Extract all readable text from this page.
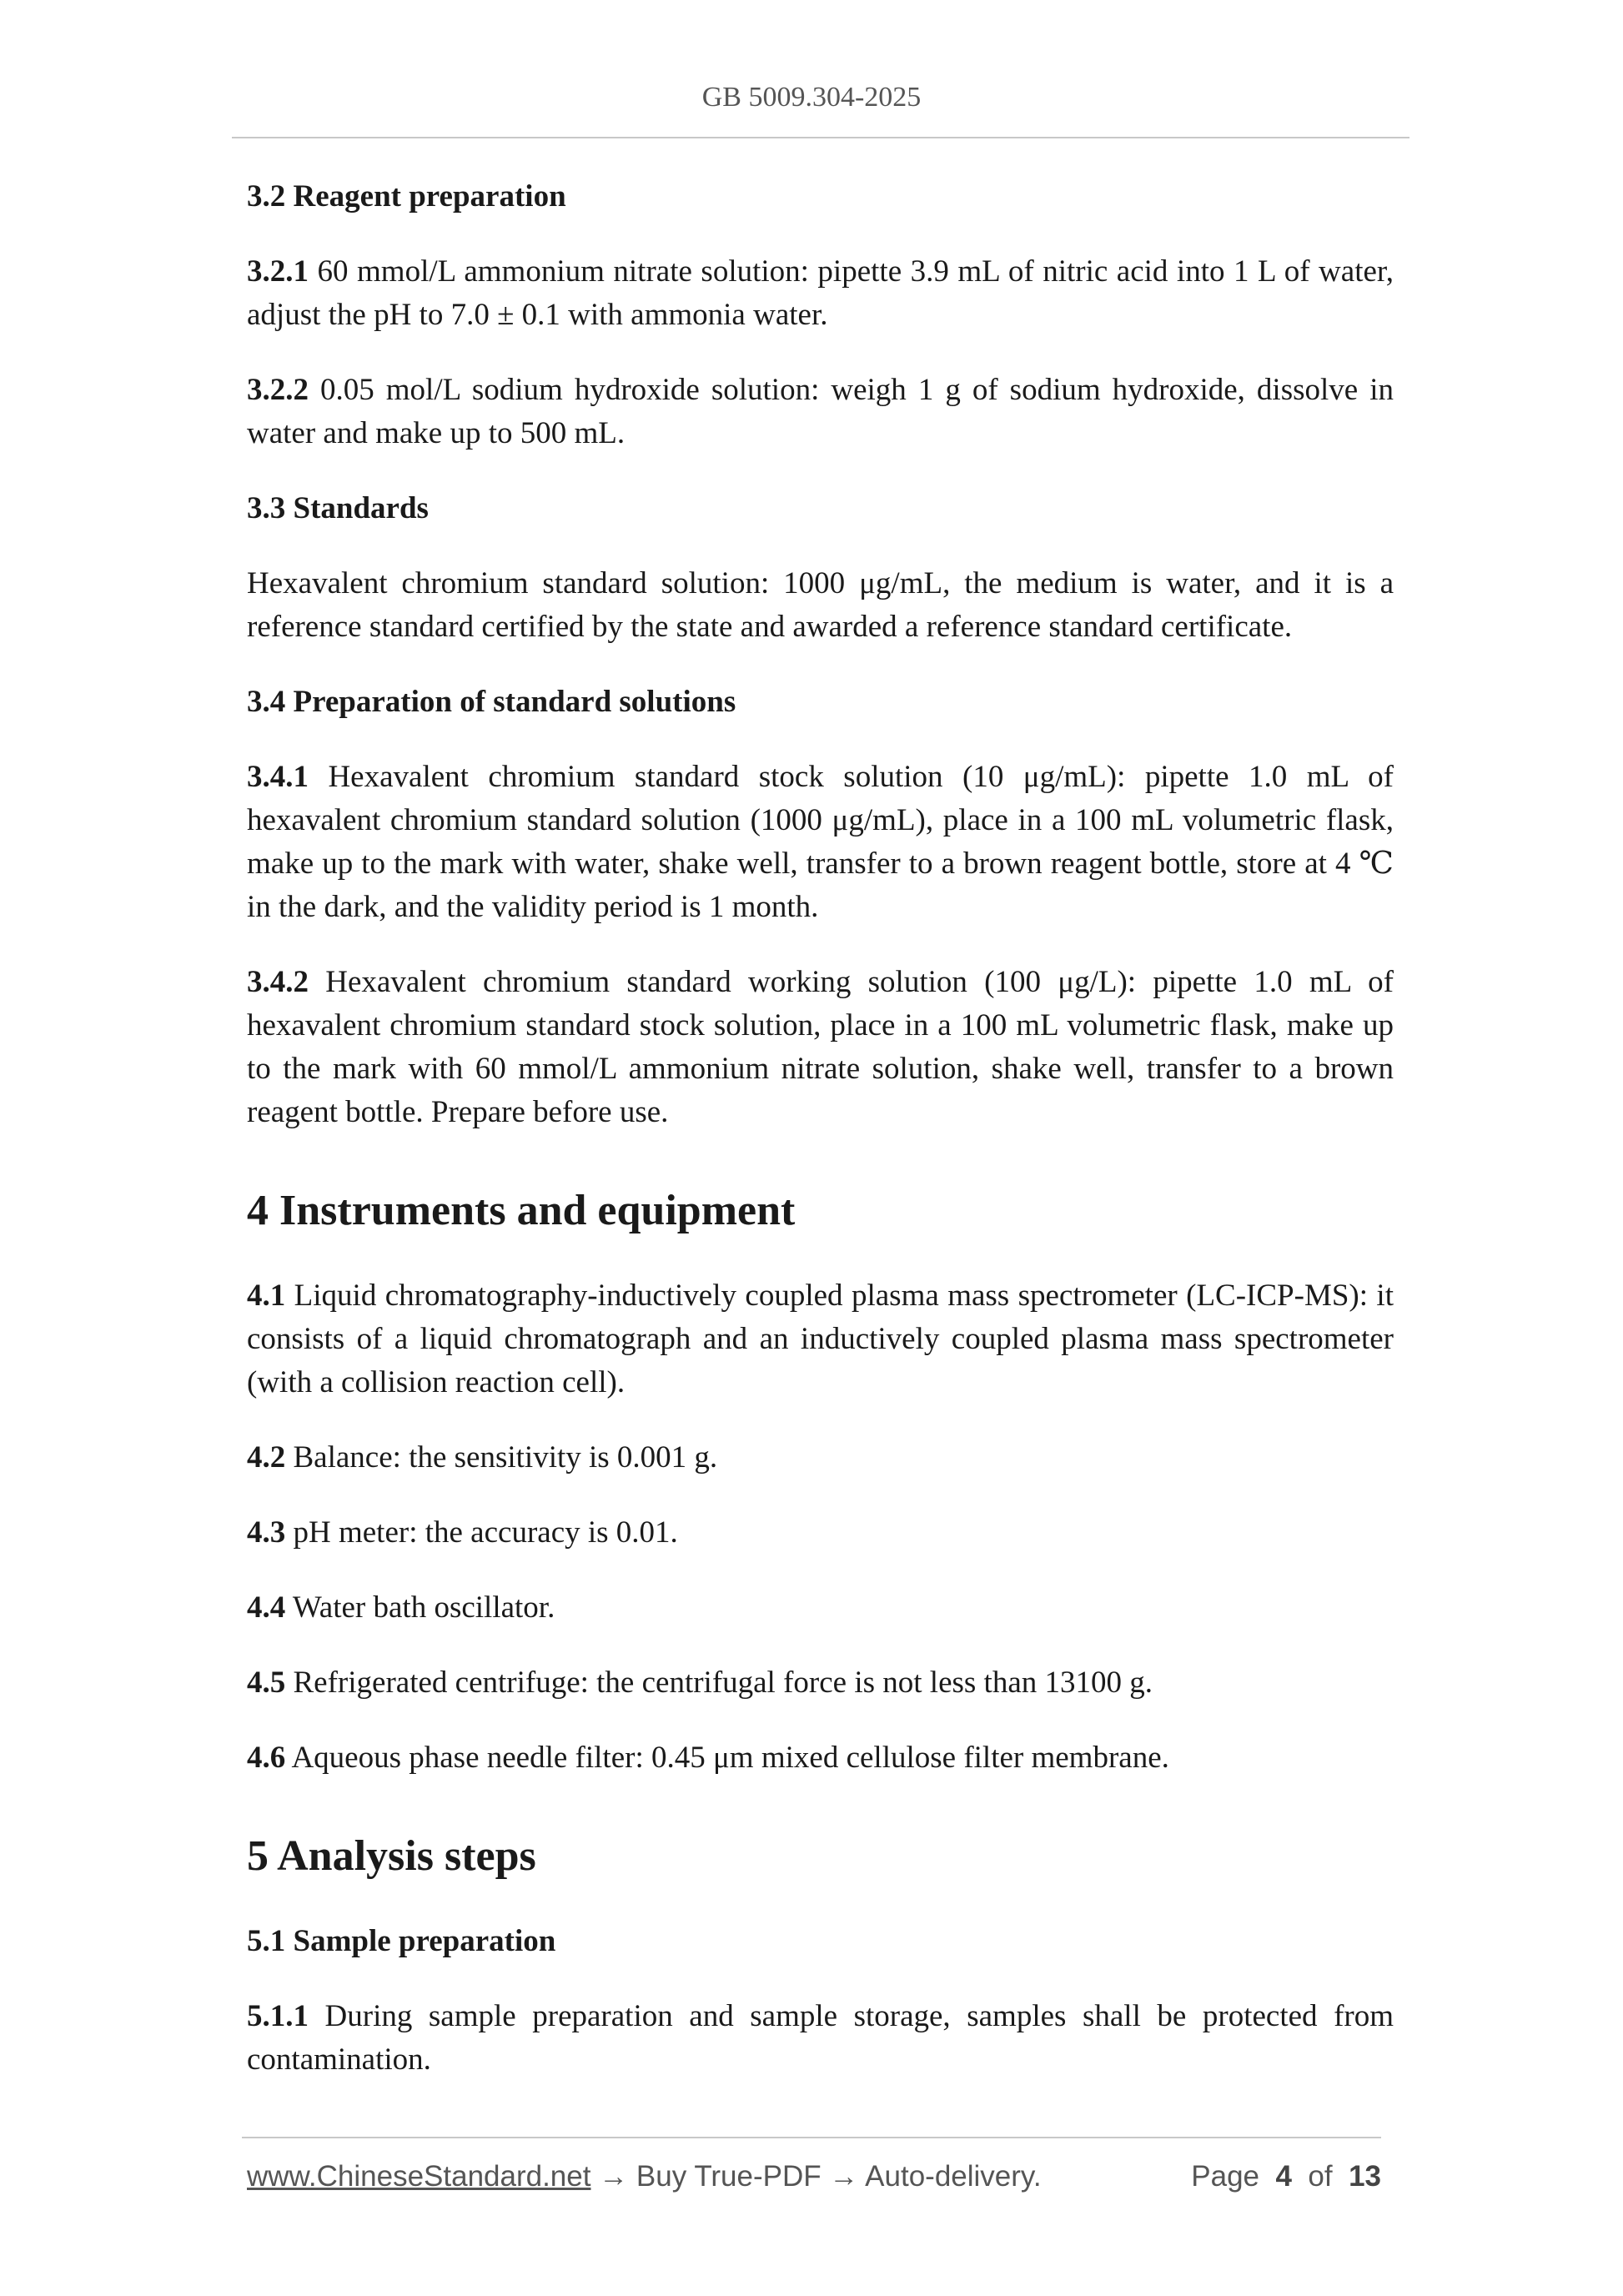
GB 5009.304-2025
3.2 Reagent preparation

3.2.1 60 mmol/L ammonium nitrate solution: pipette 3.9 mL of nitric acid into 1 L of water, adjust the pH to 7.0 ± 0.1 with ammonia water.

3.2.2 0.05 mol/L sodium hydroxide solution: weigh 1 g of sodium hydroxide, dissolve in water and make up to 500 mL.

3.3 Standards

Hexavalent chromium standard solution: 1000 μg/mL, the medium is water, and it is a reference standard certified by the state and awarded a reference standard certificate.

3.4 Preparation of standard solutions

3.4.1 Hexavalent chromium standard stock solution (10 μg/mL): pipette 1.0 mL of hexavalent chromium standard solution (1000 μg/mL), place in a 100 mL volumetric flask, make up to the mark with water, shake well, transfer to a brown reagent bottle, store at 4 ℃ in the dark, and the validity period is 1 month.

3.4.2 Hexavalent chromium standard working solution (100 μg/L): pipette 1.0 mL of hexavalent chromium standard stock solution, place in a 100 mL volumetric flask, make up to the mark with 60 mmol/L ammonium nitrate solution, shake well, transfer to a brown reagent bottle. Prepare before use.

4 Instruments and equipment

4.1 Liquid chromatography-inductively coupled plasma mass spectrometer (LC-ICP-MS): it consists of a liquid chromatograph and an inductively coupled plasma mass spectrometer (with a collision reaction cell).

4.2 Balance: the sensitivity is 0.001 g.

4.3 pH meter: the accuracy is 0.01.

4.4 Water bath oscillator.

4.5 Refrigerated centrifuge: the centrifugal force is not less than 13100 g.

4.6 Aqueous phase needle filter: 0.45 μm mixed cellulose filter membrane.

5 Analysis steps
5.1 Sample preparation

5.1.1 During sample preparation and sample storage, samples shall be protected from contamination.

www.ChineseStandard.net → Buy True-PDF → Auto-delivery.	Page 4 of 13
